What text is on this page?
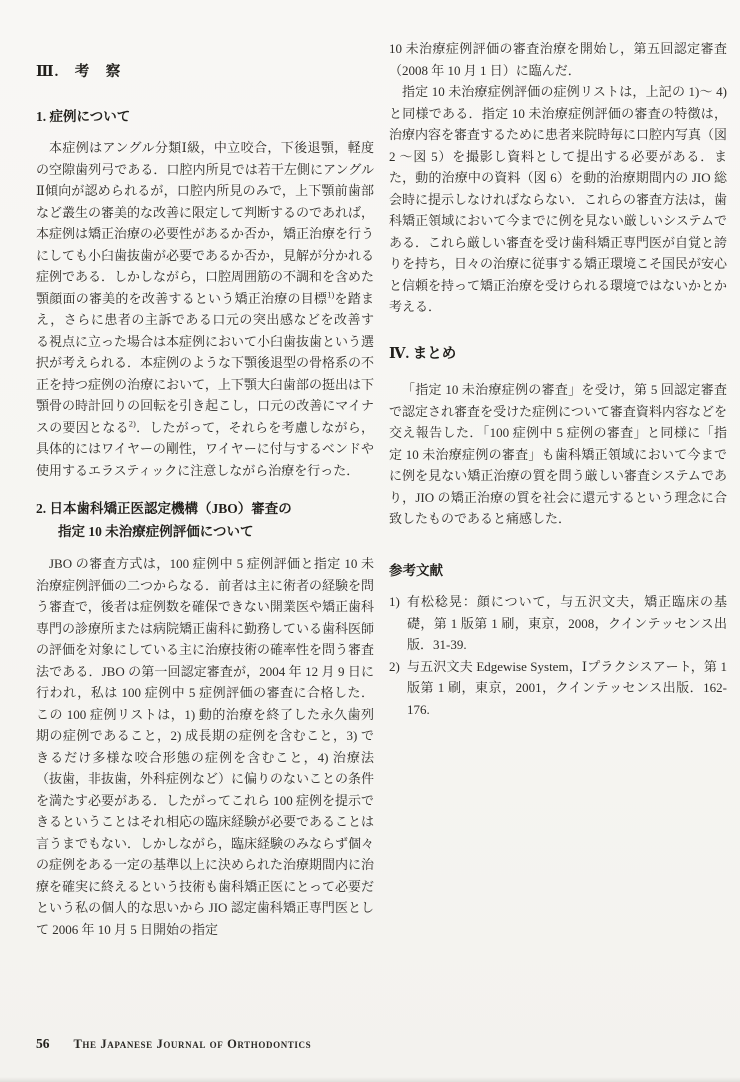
Ⅲ.　考　察
1. 症例について

本症例はアングル分類Ⅰ級，中立咬合，下後退顎，軽度の空隙歯列弓である．口腔内所見では若干左側にアングルⅡ傾向が認められるが，口腔内所見のみで，上下顎前歯部など叢生の審美的な改善に限定して判断するのであれば，本症例は矯正治療の必要性があるか否か，矯正治療を行うにしても小臼歯抜歯が必要であるか否か，見解が分かれる症例である．しかしながら，口腔周囲筋の不調和を含めた顎顔面の審美的を改善するという矯正治療の目標$^{1)}$を踏まえ，さらに患者の主訴である口元の突出感などを改善する視点に立った場合は本症例において小臼歯抜歯という選択が考えられる．本症例のような下顎後退型の骨格系の不正を持つ症例の治療において，上下顎大臼歯部の挺出は下顎骨の時計回りの回転を引き起こし，口元の改善にマイナスの要因となる$^{2)}$．したがって，それらを考慮しながら，具体的にはワイヤーの剛性，ワイヤーに付与するベンドや使用するエラスティックに注意しながら治療を行った．

2. 日本歯科矯正医認定機構（JBO）審査の
指定 10 未治療症例評価について

JBO の審査方式は，100 症例中 5 症例評価と指定 10 未治療症例評価の二つからなる．前者は主に術者の経験を問う審査で，後者は症例数を確保できない開業医や矯正歯科専門の診療所または病院矯正歯科に勤務している歯科医師の評価を対象にしている主に治療技術の確率性を問う審査法である．JBO の第一回認定審査が，2004 年 12 月 9 日に行われ，私は 100 症例中 5 症例評価の審査に合格した．この 100 症例リストは，1) 動的治療を終了した永久歯列期の症例であること，2) 成長期の症例を含むこと，3) できるだけ多様な咬合形態の症例を含むこと，4) 治療法（抜歯，非抜歯，外科症例など）に偏りのないことの条件を満たす必要がある．したがってこれら 100 症例を提示できるということはそれ相応の臨床経験が必要であることは言うまでもない．しかしながら，臨床経験のみならず個々の症例をある一定の基準以上に決められた治療期間内に治療を確実に終えるという技術も歯科矯正医にとって必要だという私の個人的な思いから JIO 認定歯科矯正専門医として 2006 年 10 月 5 日開始の指定

10 未治療症例評価の審査治療を開始し，第五回認定審査（2008 年 10 月 1 日）に臨んだ．

指定 10 未治療症例評価の症例リストは，上記の 1)～ 4) と同様である．指定 10 未治療症例評価の審査の特徴は，治療内容を審査するために患者来院時毎に口腔内写真（図 2 ～図 5）を撮影し資料として提出する必要がある．また，動的治療中の資料（図 6）を動的治療期間内の JIO 総会時に提示しなければならない．これらの審査方法は，歯科矯正領域において今までに例を見ない厳しいシステムである．これら厳しい審査を受け歯科矯正専門医が自覚と誇りを持ち，日々の治療に従事する矯正環境こそ国民が安心と信頼を持って矯正治療を受けられる環境ではないかとか考える．

Ⅳ. まとめ

「指定 10 未治療症例の審査」を受け，第 5 回認定審査で認定され審査を受けた症例について審査資料内容などを交え報告した．「100 症例中 5 症例の審査」と同様に「指定 10 未治療症例の審査」も歯科矯正領域において今までに例を見ない矯正治療の質を問う厳しい審査システムであり，JIO の矯正治療の質を社会に還元するという理念に合致したものであると痛感した．

参考文献
1) 有松稔晃：顔について，与五沢文夫，矯正臨床の基礎，第 1 版第 1 刷，東京，2008，クインテッセンス出版．31-39.
2) 与五沢文夫 Edgewise System，Ⅰプラクシスアート，第 1 版第 1 刷，東京，2001，クインテッセンス出版．162-176.
56 The Japanese Journal of Orthodontics
